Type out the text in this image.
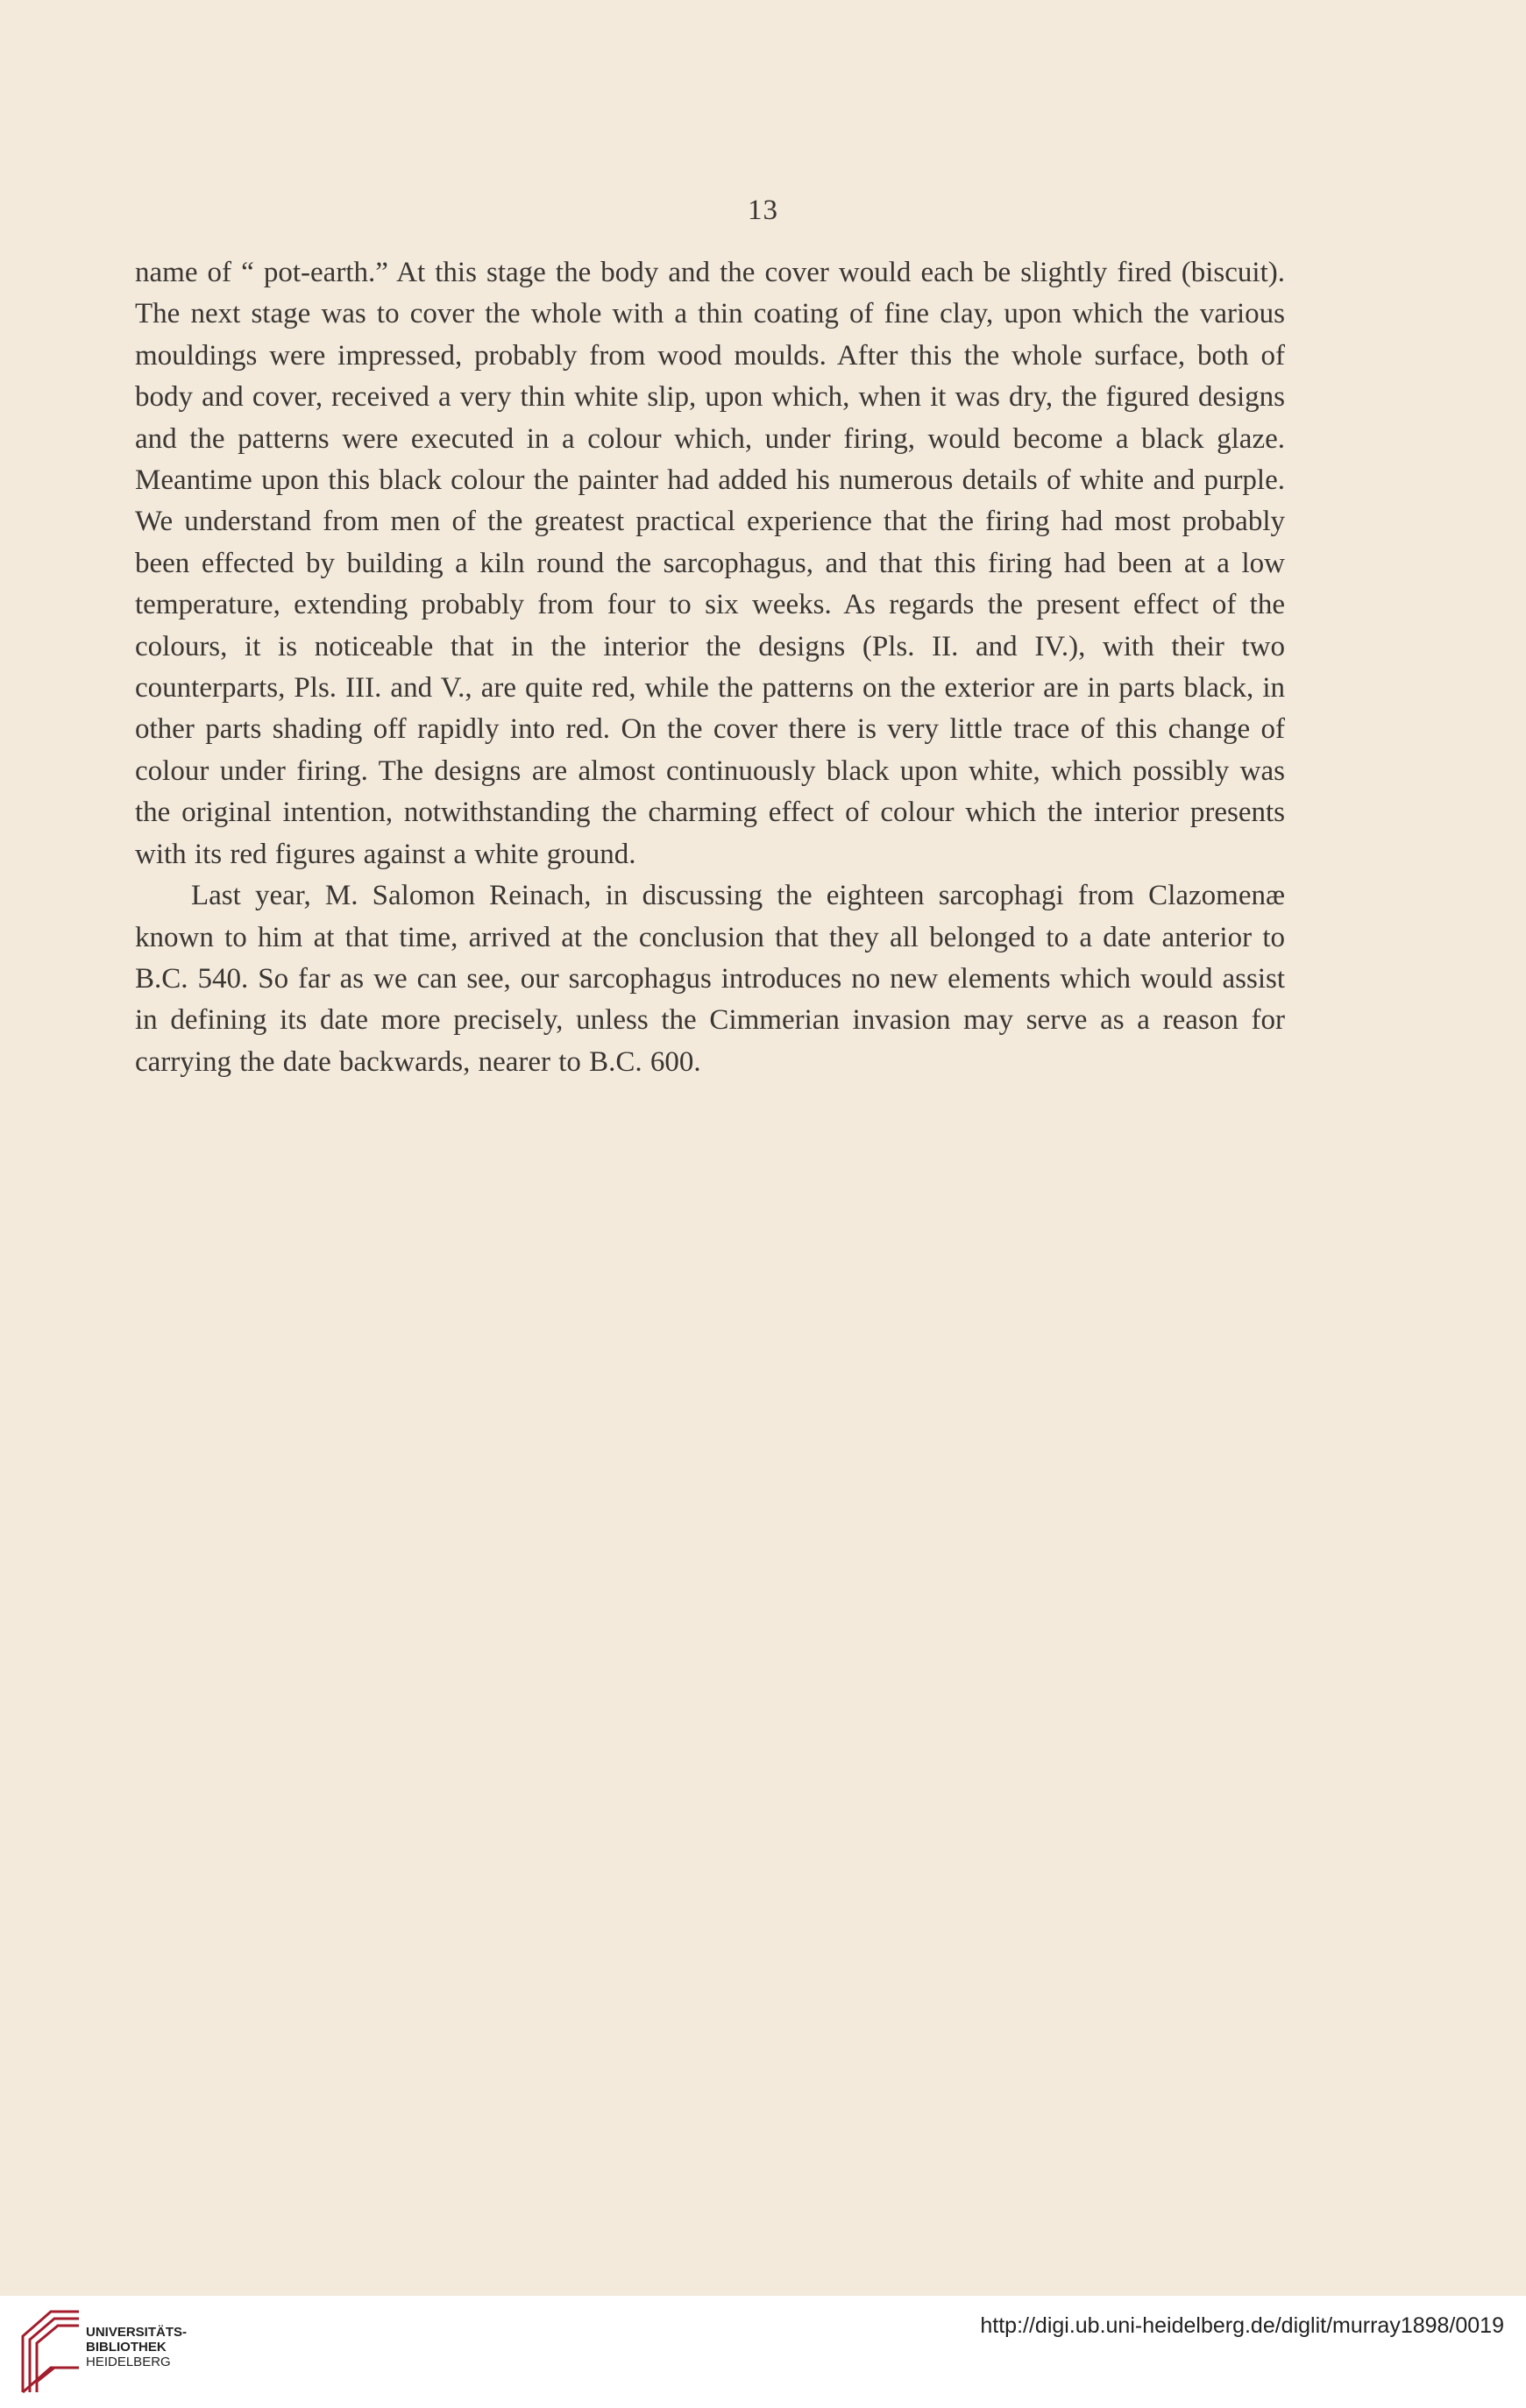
13

name of “ pot-earth.” At this stage the body and the cover would each be slightly fired (biscuit). The next stage was to cover the whole with a thin coating of fine clay, upon which the various mouldings were impressed, probably from wood moulds. After this the whole surface, both of body and cover, received a very thin white slip, upon which, when it was dry, the figured designs and the patterns were executed in a colour which, under firing, would become a black glaze. Meantime upon this black colour the painter had added his numerous details of white and purple. We understand from men of the greatest practical experience that the firing had most probably been effected by building a kiln round the sarcophagus, and that this firing had been at a low temperature, extending probably from four to six weeks. As regards the present effect of the colours, it is noticeable that in the interior the designs (Pls. II. and IV.), with their two counterparts, Pls. III. and V., are quite red, while the patterns on the exterior are in parts black, in other parts shading off rapidly into red. On the cover there is very little trace of this change of colour under firing. The designs are almost continuously black upon white, which possibly was the original intention, notwithstanding the charming effect of colour which the interior presents with its red figures against a white ground.

Last year, M. Salomon Reinach, in discussing the eighteen sarcophagi from Clazomenæ known to him at that time, arrived at the conclusion that they all belonged to a date anterior to B.C. 540. So far as we can see, our sarcophagus introduces no new elements which would assist in defining its date more precisely, unless the Cimmerian invasion may serve as a reason for carrying the date backwards, nearer to B.C. 600.

UNIVERSITÄTS-
BIBLIOTHEK
HEIDELBERG
http://digi.ub.uni-heidelberg.de/diglit/murray1898/0019
